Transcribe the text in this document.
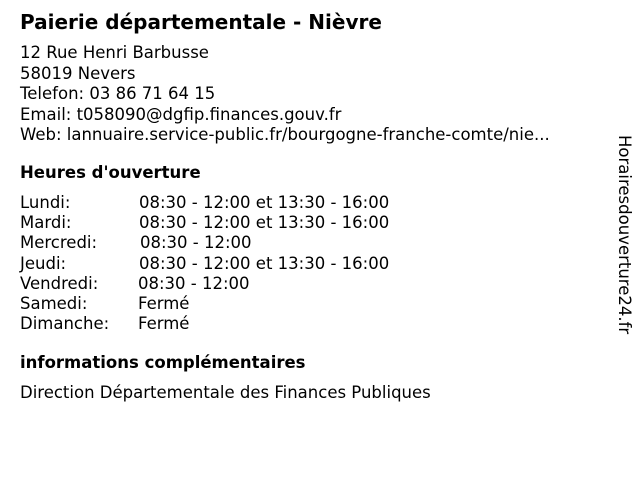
Paierie départementale - Nièvre
12 Rue Henri Barbusse
58019 Nevers
Telefon: 03 86 71 64 15
Email: t058090@dgfip.finances.gouv.fr
Web: lannuaire.service-public.fr/bourgogne-franche-comte/nie...
Heures d'ouverture
Lundi:	08:30 - 12:00 et 13:30 - 16:00
Mardi:	08:30 - 12:00 et 13:30 - 16:00
Mercredi:	08:30 - 12:00
Jeudi:	08:30 - 12:00 et 13:30 - 16:00
Vendredi: 08:30 - 12:00
Samedi:	Fermé
Dimanche: Fermé
informations complémentaires
Direction Départementale des Finances Publiques
Horairesdouverture24.fr
